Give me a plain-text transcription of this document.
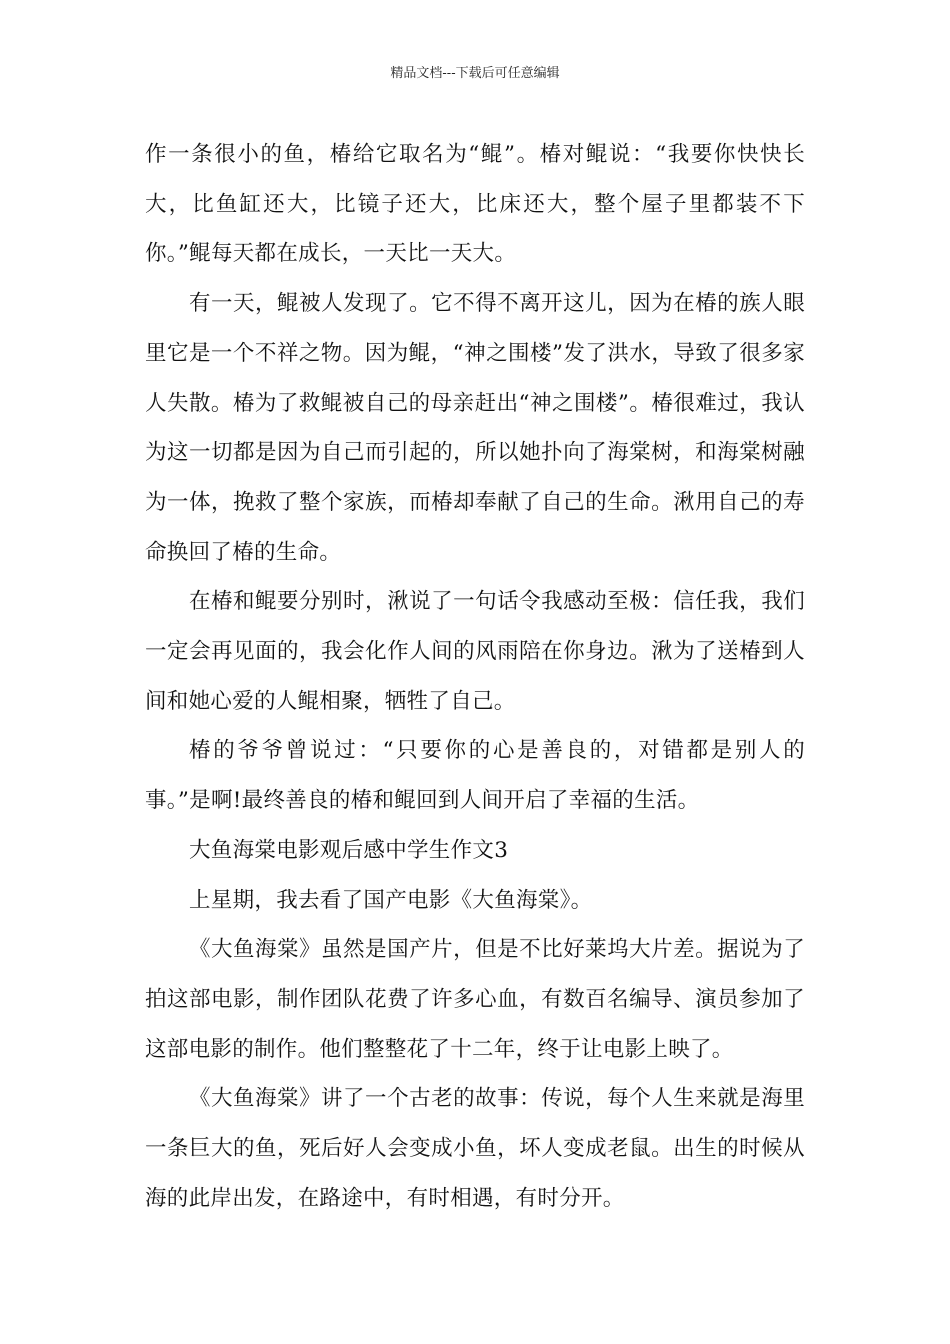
精品文档---下载后可任意编辑

作一条很小的鱼，椿给它取名为“鲲”。椿对鲲说：“我要你快快长大，比鱼缸还大，比镜子还大，比床还大，整个屋子里都装不下你。”鲲每天都在成长，一天比一天大。

有一天，鲲被人发现了。它不得不离开这儿，因为在椿的族人眼里它是一个不祥之物。因为鲲，“神之围楼”发了洪水，导致了很多家人失散。椿为了救鲲被自己的母亲赶出“神之围楼”。椿很难过，我认为这一切都是因为自己而引起的，所以她扑向了海棠树，和海棠树融为一体，挽救了整个家族，而椿却奉献了自己的生命。湫用自己的寿命换回了椿的生命。

在椿和鲲要分别时，湫说了一句话令我感动至极：信任我，我们一定会再见面的，我会化作人间的风雨陪在你身边。湫为了送椿到人间和她心爱的人鲲相聚，牺牲了自己。

椿的爷爷曾说过：“只要你的心是善良的，对错都是别人的事。”是啊!最终善良的椿和鲲回到人间开启了幸福的生活。

大鱼海棠电影观后感中学生作文3

上星期，我去看了国产电影《大鱼海棠》。

《大鱼海棠》虽然是国产片，但是不比好莱坞大片差。据说为了拍这部电影，制作团队花费了许多心血，有数百名编导、演员参加了这部电影的制作。他们整整花了十二年，终于让电影上映了。

《大鱼海棠》讲了一个古老的故事：传说，每个人生来就是海里一条巨大的鱼，死后好人会变成小鱼，坏人变成老鼠。出生的时候从海的此岸出发，在路途中，有时相遇，有时分开。
